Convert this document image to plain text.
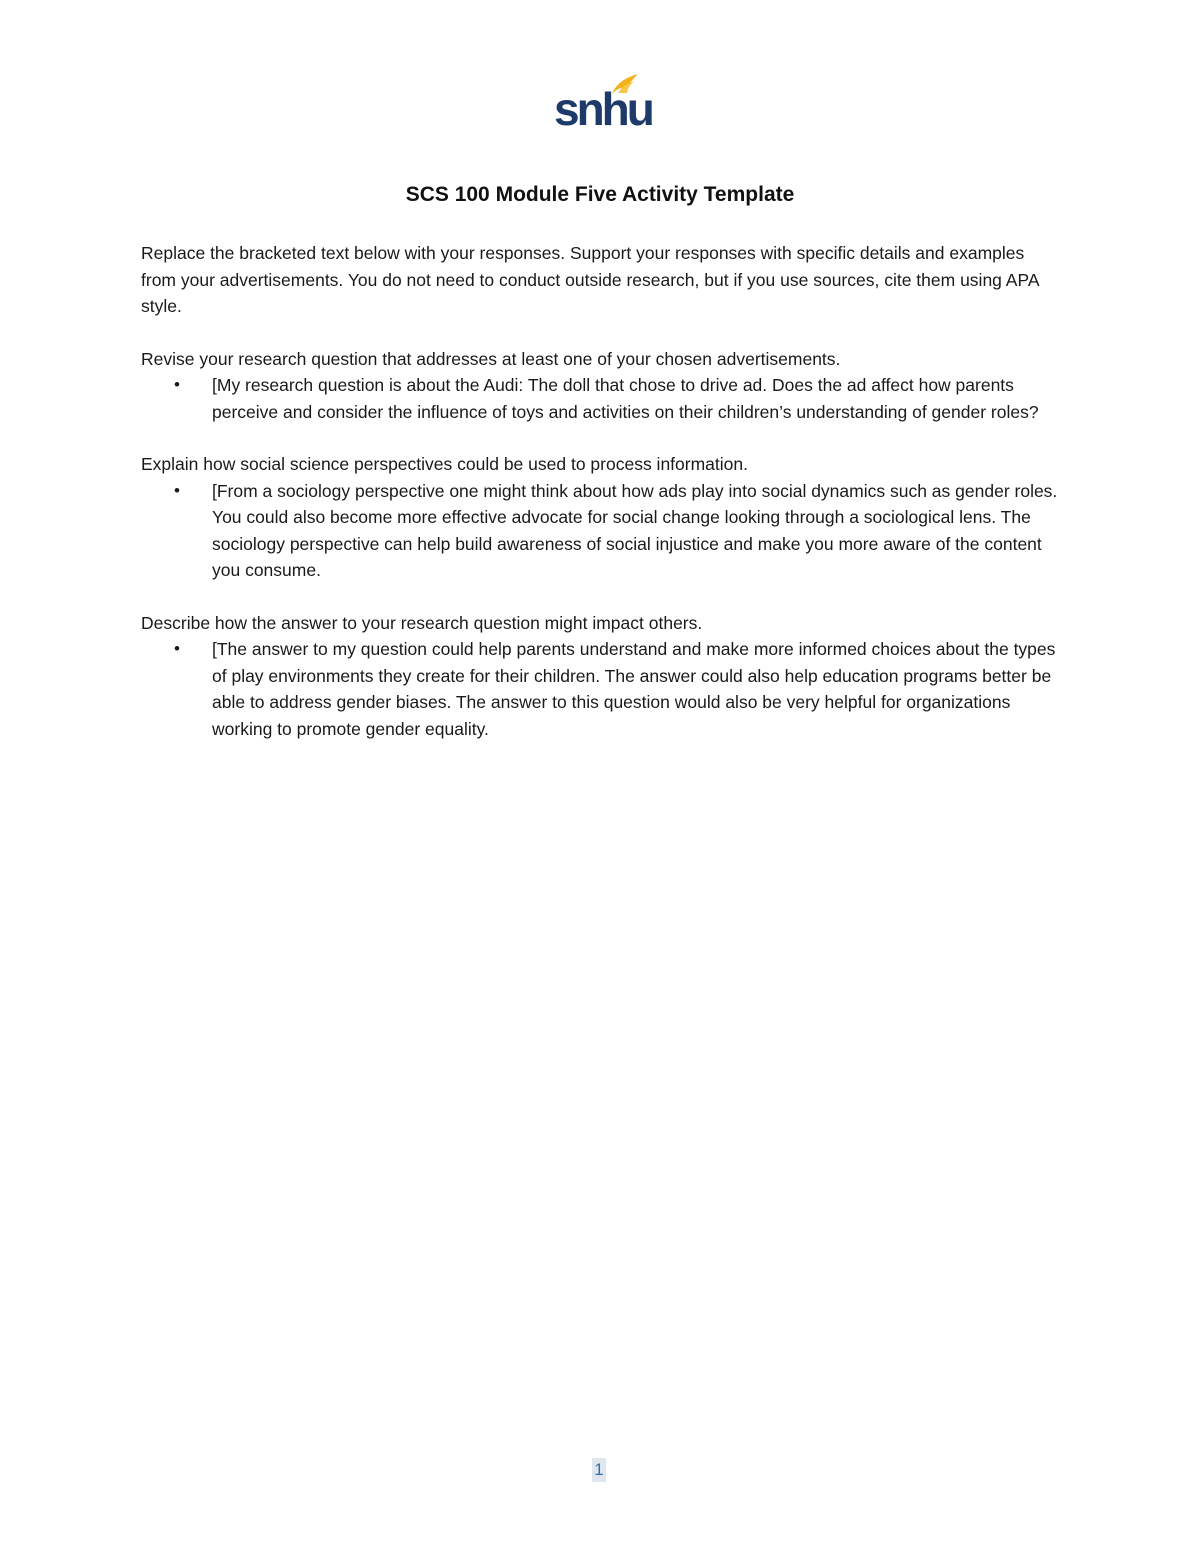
snhu
SCS 100 Module Five Activity Template

Replace the bracketed text below with your responses. Support your responses with specific details and examples from your advertisements. You do not need to conduct outside research, but if you use sources, cite them using APA style.

Revise your research question that addresses at least one of your chosen advertisements.

• [My research question is about the Audi: The doll that chose to drive ad. Does the ad affect how parents perceive and consider the influence of toys and activities on their children’s understanding of gender roles?

Explain how social science perspectives could be used to process information.

• [From a sociology perspective one might think about how ads play into social dynamics such as gender roles. You could also become more effective advocate for social change looking through a sociological lens. The sociology perspective can help build awareness of social injustice and make you more aware of the content you consume.

Describe how the answer to your research question might impact others.

• [The answer to my question could help parents understand and make more informed choices about the types of play environments they create for their children. The answer could also help education programs better be able to address gender biases. The answer to this question would also be very helpful for organizations working to promote gender equality.
1
